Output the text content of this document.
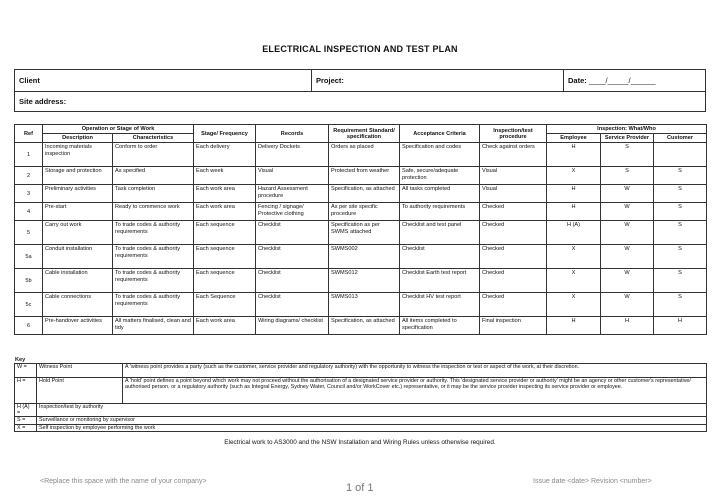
ELECTRICAL INSPECTION AND TEST PLAN
Client	Project:	Date: ____/_____/______
Site address:
Ref	Operation or Stage of Work		Stage/ Frequency	Records	Requirement Standard/ specification	Acceptance Criteria	Inspection/test procedure	Inspection: What/Who		
	Description	Characteristics						Employee	Service Provider	Customer
1	Incoming materials inspection	Conform to order	Each delivery	Delivery Dockets	Orders as placed	Specification and codes	Check against orders	H	S	
2	Storage and protection	As specified	Each week	Visual	Protected from weather	Safe, secure/adequate protection	Visual	X	S	S
3	Preliminary activities	Task completion	Each work area	Hazard Assessment procedure	Specification, as attached	All tasks completed	Visual	H	W	S
4	Pre-start	Ready to commence work	Each work area	Fencing / signage/ Protective clothing	As per site specific procedure	To authority requirements	Checked	H	W	S
5	Carry out work	To trade codes & authority requirements	Each sequence	Checklist	Specification as per SWMS attached	Checklist and test panel	Checked	H (A)	W	S
5a	Conduit installation	To trade codes & authority requirements	Each sequence	Checklist	SWMS002	Checklist	Checked	X	W	S
5b	Cable installation	To trade codes & authority requirements	Each sequence	Checklist	SWMS012	Checklist Earth test report	Checked	X	W	S
5c	Cable connections	To trade codes & authority requirements	Each Sequence	Checklist	SWMS013	Checklist HV test report	Checked	X	W	S
6	Pre-handover activities	All matters finalised, clean and tidy	Each work area	Wiring diagrams/ checklist	Specification, as attached	All items completed to specification	Final inspection	H	H	H
Key
W =	Witness Point	A 'witness point provides a party (such as the customer, service provider and regulatory authority) with the opportunity to witness the inspection or test or aspect of the work, at their discretion.
H =	Hold Point	A 'hold' point defines a point beyond which work may not proceed without the authorisation of a designated service provider or authority. This 'designated service provider or authority' might be an agency or other customer's representative/ authorised person, or a regulatory authority (such as Integral Energy, Sydney Water, Council and/or WorkCover etc.) representative, or it may be the service provider inspecting its service provider or employee.
H (A) =	Inspection/test by authority	
S =	Surveillance or monitoring by supervisor	
X =	Self inspection by employee performing the work	
Electrical work to AS3000 and the NSW Installation and Wiring Rules unless otherwise required.
<Replace this space with the name of your company>
1 of 1
Issue date <date> Revision <number>
